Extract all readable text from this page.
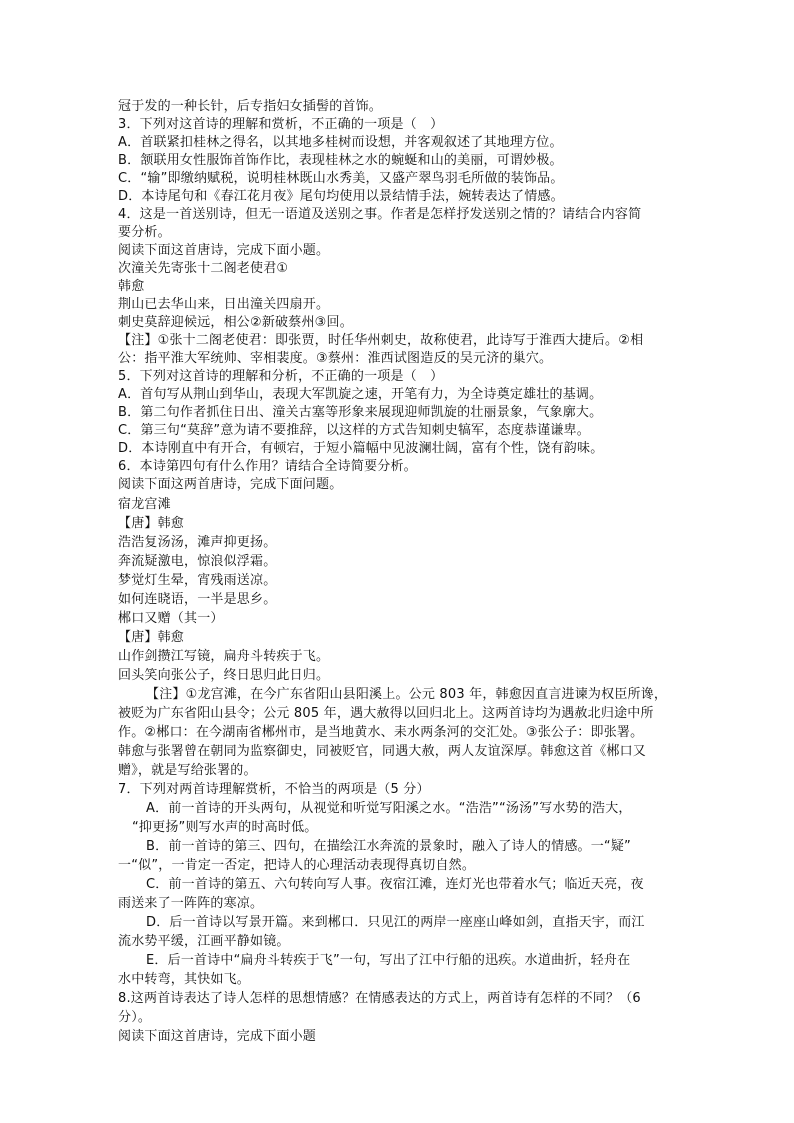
冠于发的一种长针，后专指妇女插髻的首饰。
3．下列对这首诗的理解和赏析，不正确的一项是（　）
A．首联紧扣桂林之得名，以其地多桂树而设想，并客观叙述了其地理方位。
B．颔联用女性服饰首饰作比，表现桂林之水的蜿蜒和山的美丽，可谓妙极。
C．“输”即缴纳赋税，说明桂林既山水秀美，又盛产翠鸟羽毛所做的装饰品。
D．本诗尾句和《春江花月夜》尾句均使用以景结情手法，婉转表达了情感。
4．这是一首送别诗，但无一语道及送别之事。作者是怎样抒发送别之情的？请结合内容简
要分析。
阅读下面这首唐诗，完成下面小题。
次潼关先寄张十二阁老使君①
韩愈
荆山已去华山来，日出潼关四扇开。
刺史莫辞迎候远，相公②新破蔡州③回。
【注】①张十二阁老使君：即张贾，时任华州刺史，故称使君，此诗写于淮西大捷后。②相
公：指平淮大军统帅、宰相裴度。③蔡州：淮西试图造反的吴元济的巢穴。
5．下列对这首诗的理解和分析，不正确的一项是（　）
A．首句写从荆山到华山，表现大军凯旋之速，开笔有力，为全诗奠定雄壮的基调。
B．第二句作者抓住日出、潼关古塞等形象来展现迎师凯旋的壮丽景象，气象廓大。
C．第三句“莫辞”意为请不要推辞，以这样的方式告知刺史犒军，态度恭谨谦卑。
D．本诗刚直中有开合，有顿宕，于短小篇幅中见波澜壮阔，富有个性，饶有韵味。
6．本诗第四句有什么作用？请结合全诗简要分析。
阅读下面这两首唐诗，完成下面问题。
宿龙宫滩
【唐】韩愈
浩浩复汤汤，滩声抑更扬。
奔流疑激电，惊浪似浮霜。
梦觉灯生晕，宵残雨送凉。
如何连晓语，一半是思乡。
郴口又赠（其一）
【唐】韩愈
山作剑攒江写镜，扁舟斗转疾于飞。
回头笑向张公子，终日思归此日归。
【注】①龙宫滩，在今广东省阳山县阳溪上。公元 803 年，韩愈因直言进谏为权臣所谗，
被贬为广东省阳山县令；公元 805 年，遇大赦得以回归北上。这两首诗均为遇赦北归途中所
作。②郴口：在今湖南省郴州市，是当地黄水、耒水两条河的交汇处。③张公子：即张署。
韩愈与张署曾在朝同为监察御史，同被贬官，同遇大赦，两人友谊深厚。韩愈这首《郴口又
赠》，就是写给张署的。
7．下列对两首诗理解赏析，不恰当的两项是（5 分）
A．前一首诗的开头两句，从视觉和听觉写阳溪之水。“浩浩”“汤汤”写水势的浩大，
“抑更扬”则写水声的时高时低。
B．前一首诗的第三、四句，在描绘江水奔流的景象时，融入了诗人的情感。一“疑”
一“似”，一肯定一否定，把诗人的心理活动表现得真切自然。
C．前一首诗的第五、六句转向写人事。夜宿江滩，连灯光也带着水气；临近天亮，夜
雨送来了一阵阵的寒凉。
D．后一首诗以写景开篇。来到郴口．只见江的两岸一座座山峰如剑，直指天宇，而江
流水势平缓，江画平静如镜。
E．后一首诗中“扁舟斗转疾于飞”一句，写出了江中行船的迅疾。水道曲折，轻舟在
水中转弯，其快如飞。
8.这两首诗表达了诗人怎样的思想情感？在情感表达的方式上，两首诗有怎样的不同？（6
分）。
阅读下面这首唐诗，完成下面小题
